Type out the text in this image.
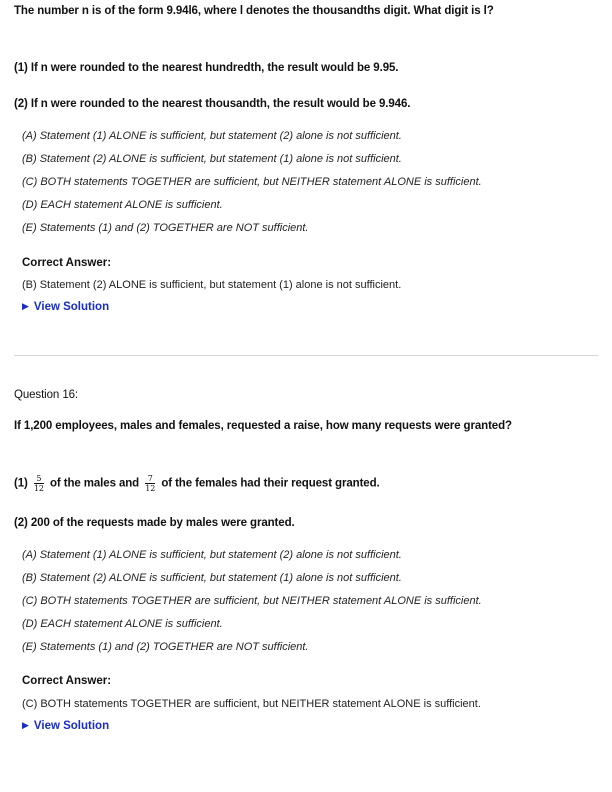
The number n is of the form 9.94l6, where l denotes the thousandths digit. What digit is l?
(1) If n were rounded to the nearest hundredth, the result would be 9.95.
(2) If n were rounded to the nearest thousandth, the result would be 9.946.
(A) Statement (1) ALONE is sufficient, but statement (2) alone is not sufficient.
(B) Statement (2) ALONE is sufficient, but statement (1) alone is not sufficient.
(C) BOTH statements TOGETHER are sufficient, but NEITHER statement ALONE is sufficient.
(D) EACH statement ALONE is sufficient.
(E) Statements (1) and (2) TOGETHER are NOT sufficient.
Correct Answer:
(B) Statement (2) ALONE is sufficient, but statement (1) alone is not sufficient.
▶ View Solution
Question 16:
If 1,200 employees, males and females, requested a raise, how many requests were granted?
$(1) \frac{5}{12}$ of the males and $\frac{7}{12}$ of the females had their request granted.
(2) 200 of the requests made by males were granted.
(A) Statement (1) ALONE is sufficient, but statement (2) alone is not sufficient.
(B) Statement (2) ALONE is sufficient, but statement (1) alone is not sufficient.
(C) BOTH statements TOGETHER are sufficient, but NEITHER statement ALONE is sufficient.
(D) EACH statement ALONE is sufficient.
(E) Statements (1) and (2) TOGETHER are NOT sufficient.
Correct Answer:
(C) BOTH statements TOGETHER are sufficient, but NEITHER statement ALONE is sufficient.
▶ View Solution
